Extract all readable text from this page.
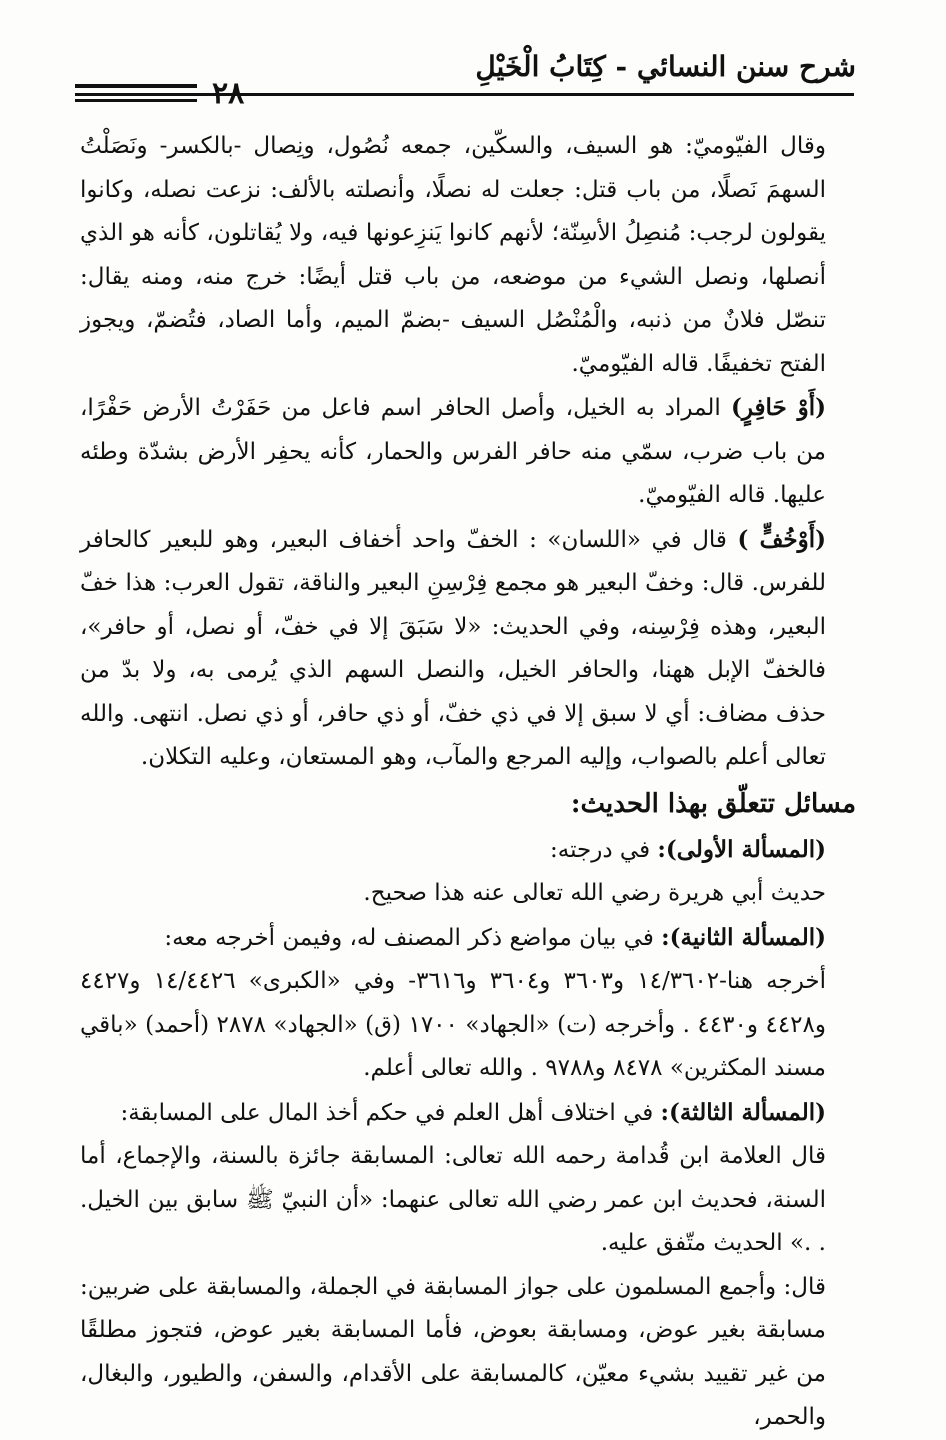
شرح سنن النسائي - كِتَابُ الْخَيْلِ
٢٨

وقال الفيّوميّ: هو السيف، والسكّين، جمعه نُصُول، ونِصال -بالكسر- ونَصَلْتُ السهمَ نَصلًا، من باب قتل: جعلت له نصلًا، وأنصلته بالألف: نزعت نصله، وكانوا يقولون لرجب: مُنصِلُ الأسِنّة؛ لأنهم كانوا يَنزِعونها فيه، ولا يُقاتلون، كأنه هو الذي أنصلها، ونصل الشيء من موضعه، من باب قتل أيضًا: خرج منه، ومنه يقال: تنصّل فلانٌ من ذنبه، والْمُنْصُل السيف -بضمّ الميم، وأما الصاد، فتُضمّ، ويجوز الفتح تخفيفًا. قاله الفيّوميّ.

(أَوْ حَافِرٍ) المراد به الخيل، وأصل الحافر اسم فاعل من حَفَرْتُ الأرض حَفْرًا، من باب ضرب، سمّي منه حافر الفرس والحمار، كأنه يحفِر الأرض بشدّة وطئه عليها. قاله الفيّوميّ.

(أَوْخُفٍّ ) قال في «اللسان» : الخفّ واحد أخفاف البعير، وهو للبعير كالحافر للفرس. قال: وخفّ البعير هو مجمع فِرْسِنِ البعير والناقة، تقول العرب: هذا خفّ البعير، وهذه فِرْسِنه، وفي الحديث: «لا سَبَقَ إلا في خفّ، أو نصل، أو حافر»، فالخفّ الإبل ههنا، والحافر الخيل، والنصل السهم الذي يُرمى به، ولا بدّ من حذف مضاف: أي لا سبق إلا في ذي خفّ، أو ذي حافر، أو ذي نصل. انتهى. والله تعالى أعلم بالصواب، وإليه المرجع والمآب، وهو المستعان، وعليه التكلان.

مسائل تتعلّق بهذا الحديث:

(المسألة الأولى): في درجته:

حديث أبي هريرة رضي الله تعالى عنه هذا صحيح.

(المسألة الثانية): في بيان مواضع ذكر المصنف له، وفيمن أخرجه معه:

أخرجه هنا-١٤/٣٦٠٢ و٣٦٠٣ و٣٦٠٤ و٣٦١٦- وفي «الكبرى» ١٤/٤٤٢٦ و٤٤٢٧ و٤٤٢٨ و٤٤٣٠ . وأخرجه (ت) «الجهاد» ١٧٠٠ (ق) «الجهاد» ٢٨٧٨ (أحمد) «باقي مسند المكثرين» ٨٤٧٨ و٩٧٨٨ . والله تعالى أعلم.

(المسألة الثالثة): في اختلاف أهل العلم في حكم أخذ المال على المسابقة:

قال العلامة ابن قُدامة رحمه الله تعالى: المسابقة جائزة بالسنة، والإجماع، أما السنة، فحديث ابن عمر رضي الله تعالى عنهما: «أن النبيّ ﷺ سابق بين الخيل. . .» الحديث متّفق عليه.

قال: وأجمع المسلمون على جواز المسابقة في الجملة، والمسابقة على ضربين: مسابقة بغير عوض، ومسابقة بعوض، فأما المسابقة بغير عوض، فتجوز مطلقًا من غير تقييد بشيء معيّن، كالمسابقة على الأقدام، والسفن، والطيور، والبغال، والحمر،
